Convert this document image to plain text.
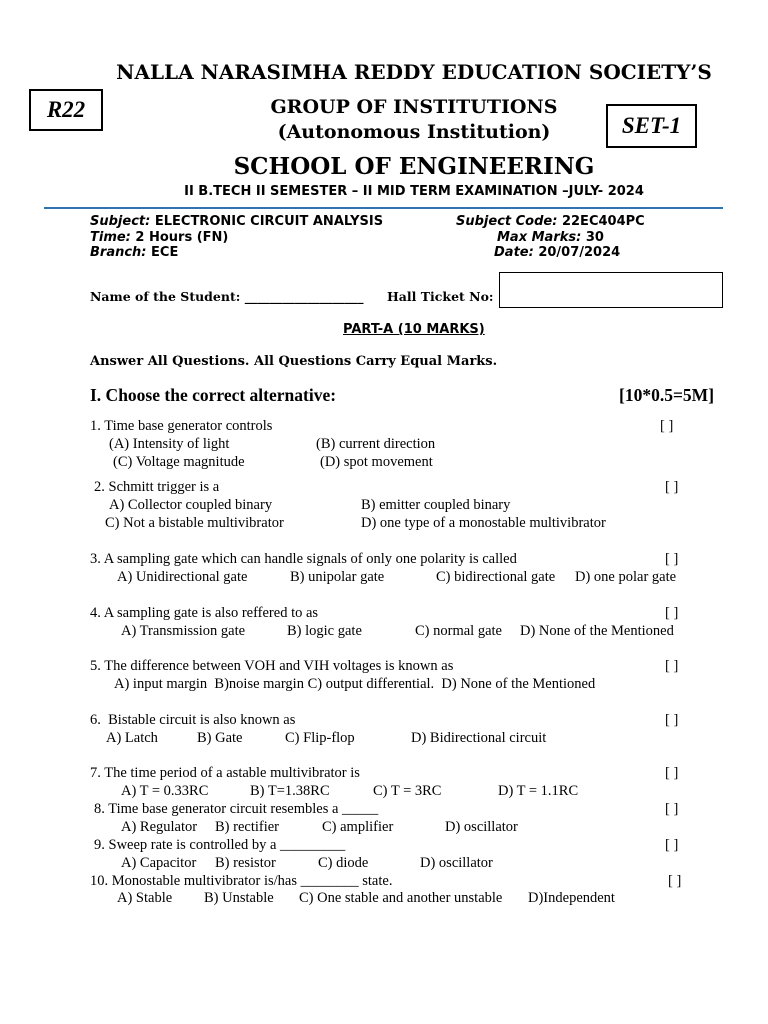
NALLA NARASIMHA REDDY EDUCATION SOCIETY’S
R22	GROUP OF INSTITUTIONS
(Autonomous Institution)	SET-1
SCHOOL OF ENGINEERING
II B.TECH II SEMESTER – II MID TERM EXAMINATION –JULY- 2024
Subject: ELECTRONIC CIRCUIT ANALYSIS	Subject Code: 22EC404PC
Time: 2 Hours (FN)	Max Marks: 30
Branch: ECE	Date: 20/07/2024
Name of the Student: ___________________ Hall Ticket No:
PART-A (10 MARKS)
Answer All Questions. All Questions Carry Equal Marks.
I. Choose the correct alternative:	[10*0.5=5M]
1. Time base generator controls	[ ]
(A) Intensity of light	(B) current direction
(C) Voltage magnitude	(D) spot movement
2. Schmitt trigger is a	[ ]
A) Collector coupled binary	B) emitter coupled binary
C) Not a bistable multivibrator	D) one type of a monostable multivibrator
3. A sampling gate which can handle signals of only one polarity is called	[ ]
A) Unidirectional gate	B) unipolar gate	C) bidirectional gate D) one polar gate
4. A sampling gate is also reffered to as	[ ]
A) Transmission gate	B) logic gate	C) normal gate D) None of the Mentioned
5. The difference between VOH and VIH voltages is known as	[ ]
A) input margin  B)noise margin C) output differential.  D) None of the Mentioned
6.  Bistable circuit is also known as	[ ]
A) Latch	B) Gate	C) Flip-flop	D) Bidirectional circuit
7. The time period of a astable multivibrator is	[ ]
A) T = 0.33RC	B) T=1.38RC	C) T = 3RC	D) T = 1.1RC
8. Time base generator circuit resembles a _____	[ ]
A) Regulator B) rectifier	C) amplifier	D) oscillator
9. Sweep rate is controlled by a _________	[ ]
A) Capacitor B) resistor	C) diode	D) oscillator
10. Monostable multivibrator is/has ________ state.	[ ]
A) Stable B) Unstable C) One stable and another unstable D)Independent
